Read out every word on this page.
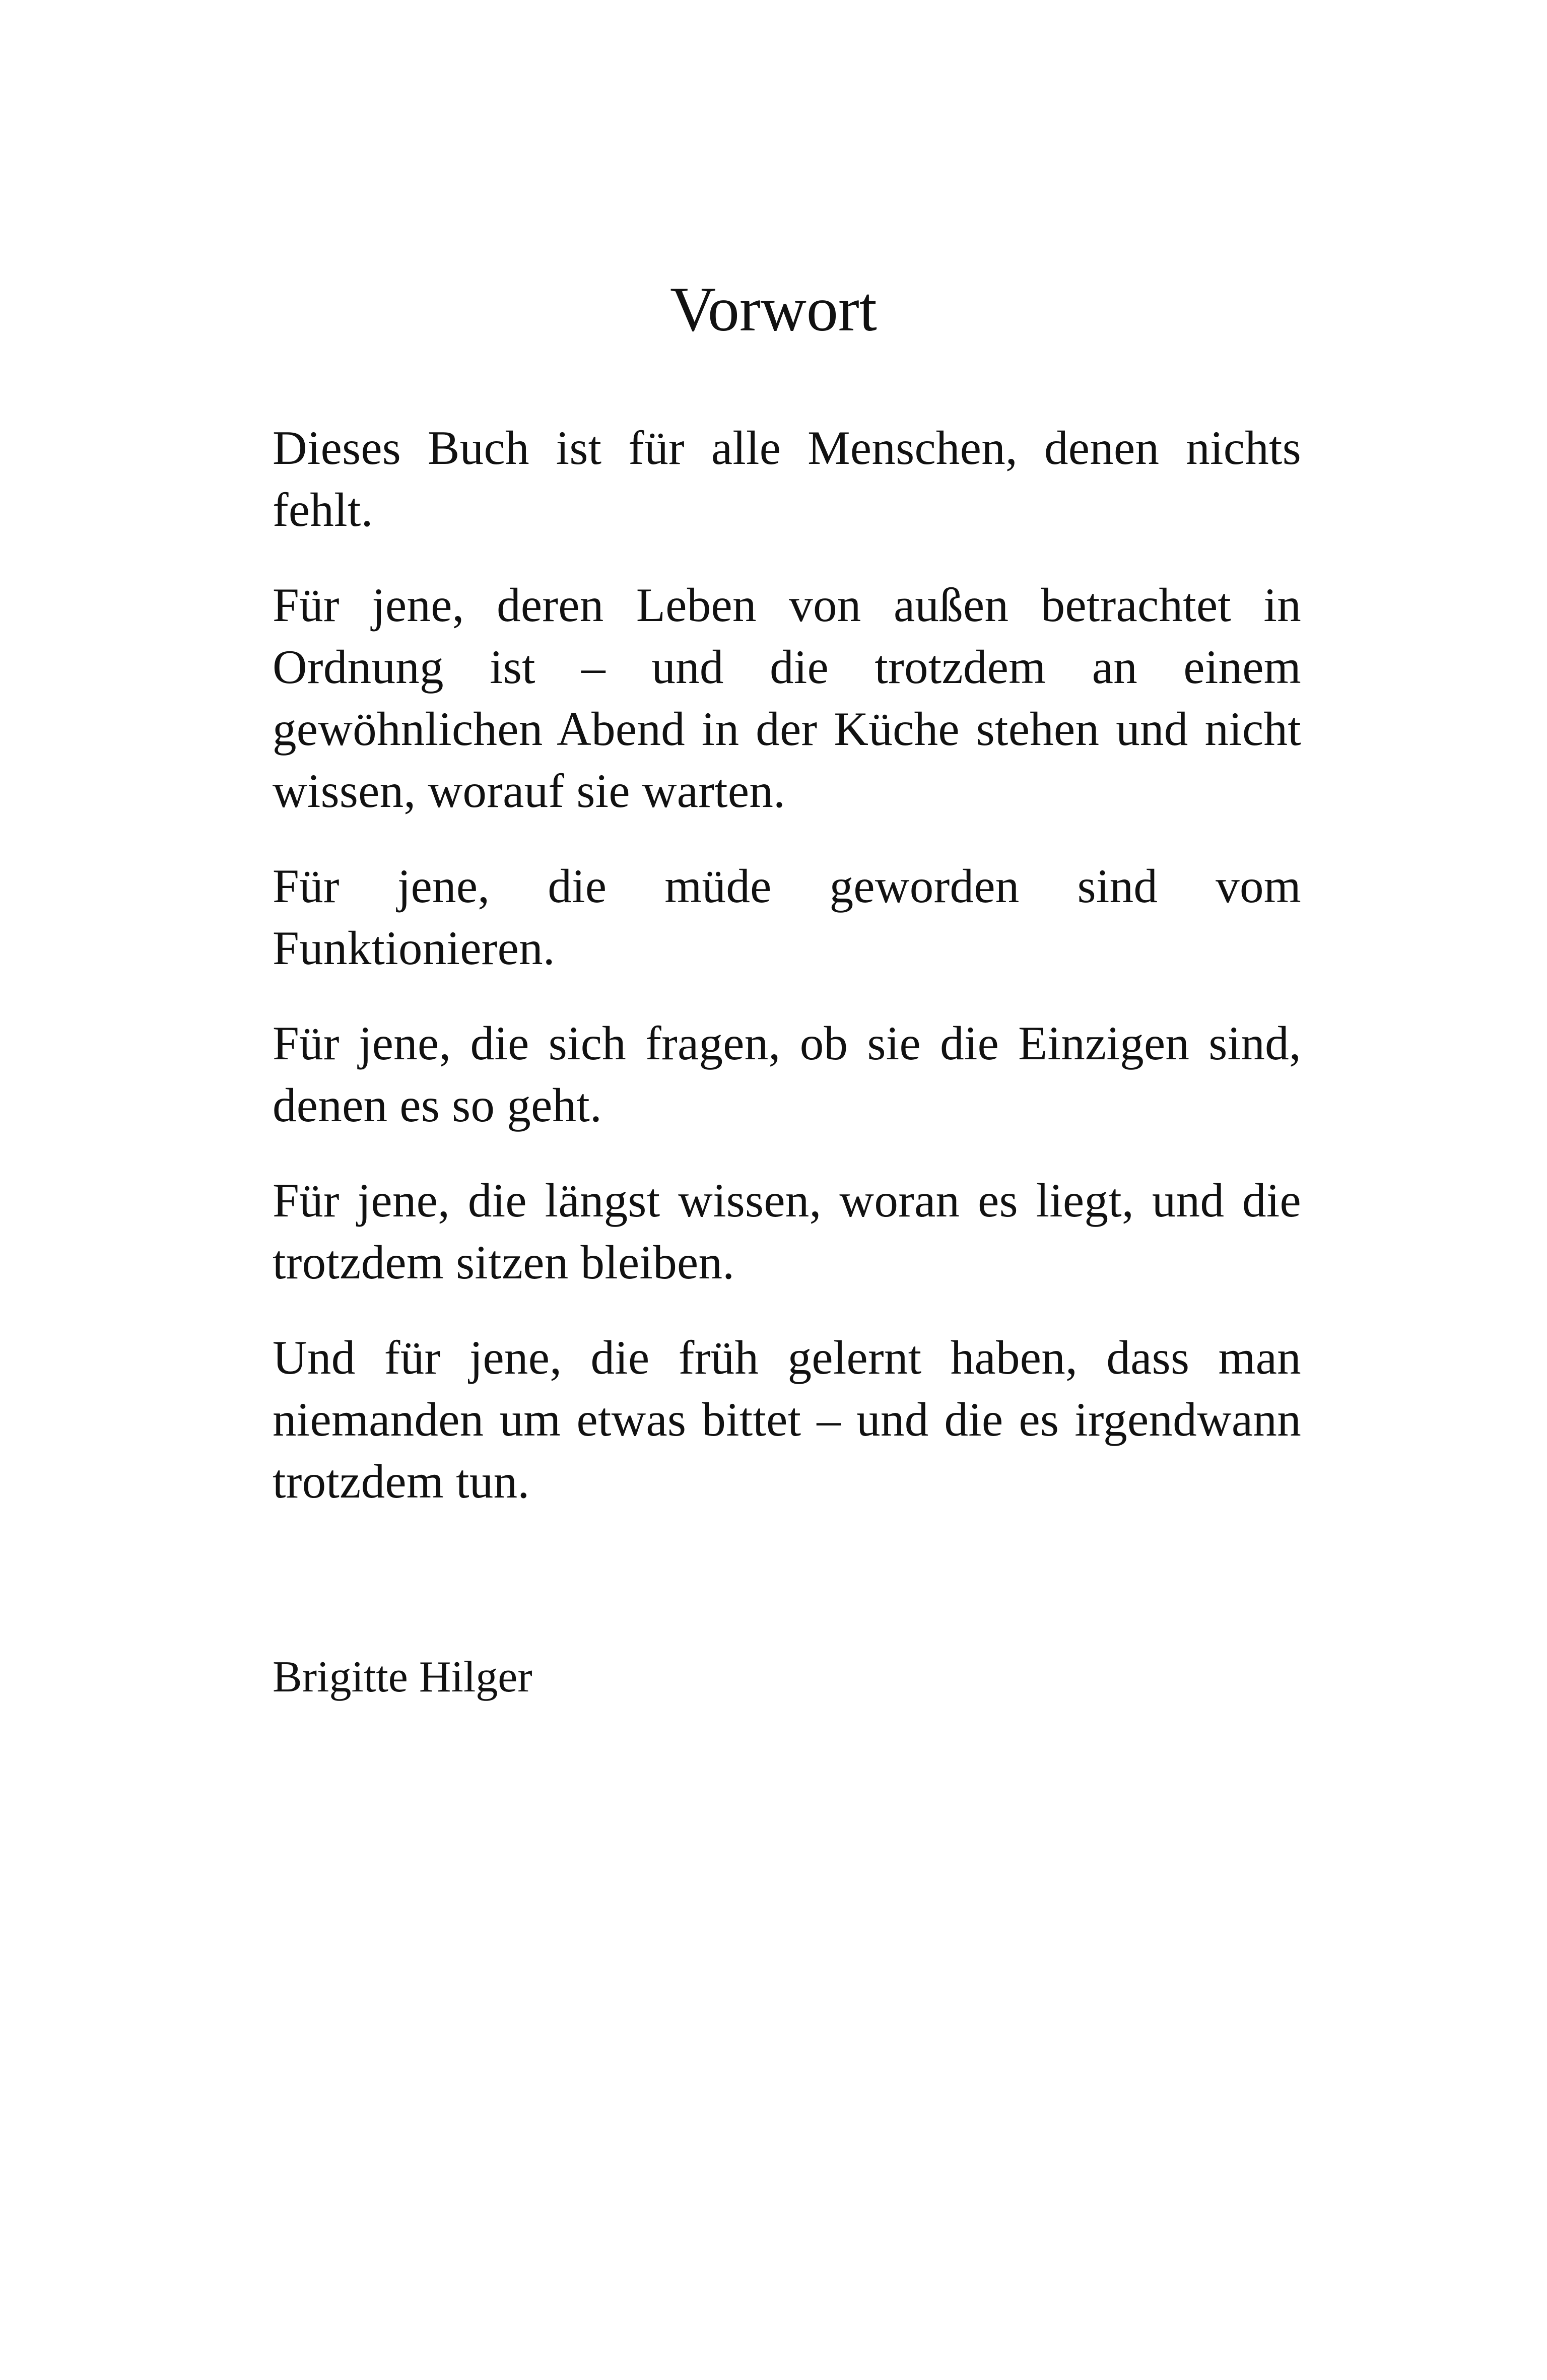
Vorwort

Dieses Buch ist für alle Menschen, denen nichts fehlt.

Für jene, deren Leben von außen betrachtet in Ordnung ist – und die trotzdem an einem gewöhnlichen Abend in der Küche stehen und nicht wissen, worauf sie warten.

Für jene, die müde geworden sind vom Funktionieren.

Für jene, die sich fragen, ob sie die Einzigen sind, denen es so geht.

Für jene, die längst wissen, woran es liegt, und die trotzdem sitzen bleiben.

Und für jene, die früh gelernt haben, dass man niemanden um etwas bittet – und die es irgendwann trotzdem tun.

Brigitte Hilger
